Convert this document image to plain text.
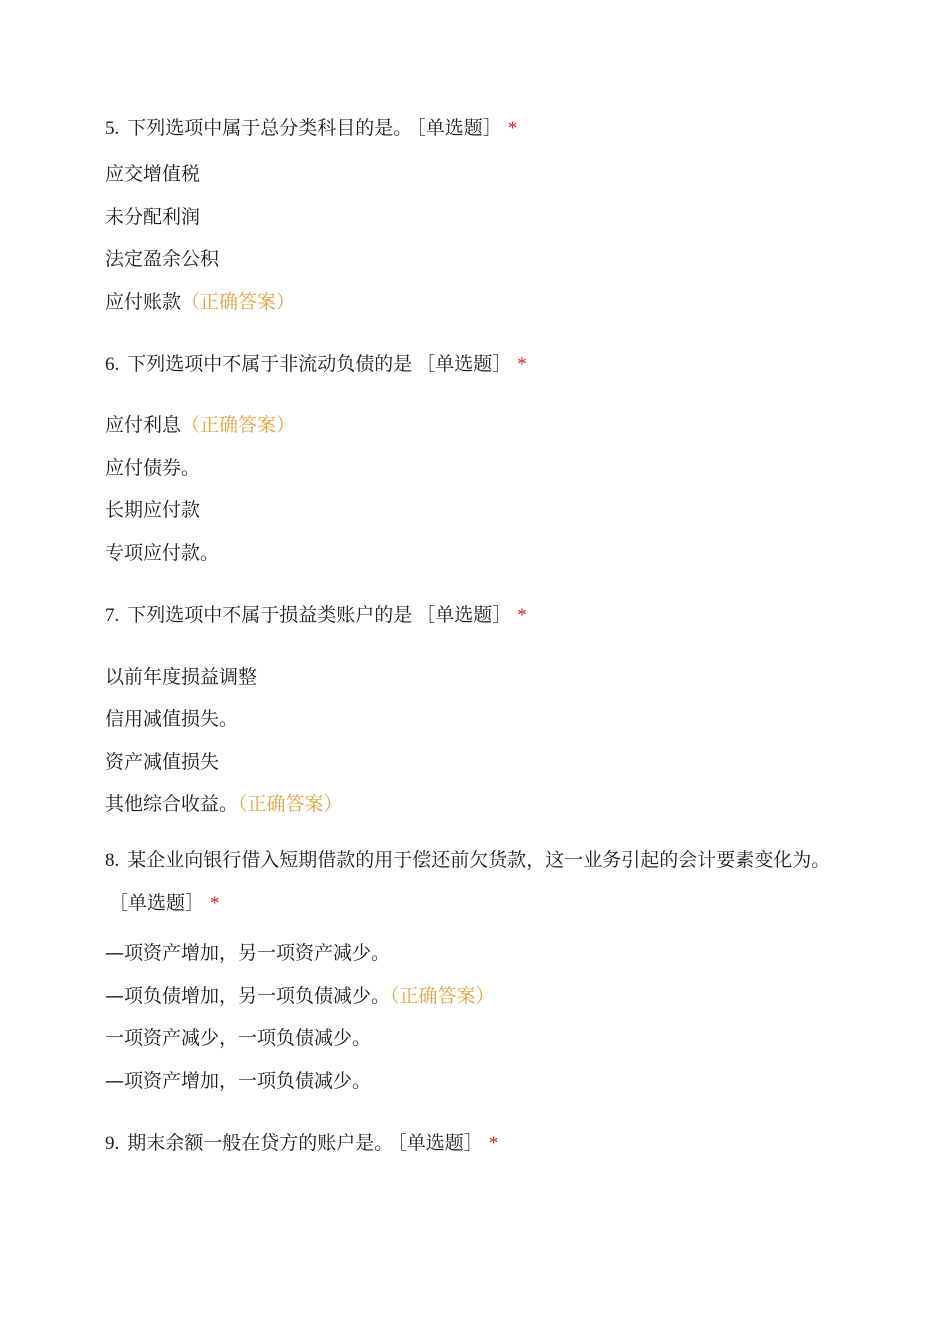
5. 下列选项中属于总分类科目的是。 ［单选题］ *
应交增值税
未分配利润
法定盈余公积
应付账款（正确答案）
6. 下列选项中不属于非流动负债的是 ［单选题］ *
应付利息（正确答案）
应付债券。
长期应付款
专项应付款。
7. 下列选项中不属于损益类账户的是 ［单选题］ *
以前年度损益调整
信用减值损失。
资产减值损失
其他综合收益。（正确答案）
8. 某企业向银行借入短期借款的用于偿还前欠货款，这一业务引起的会计要素变化为。［单选题］ *
—项资产增加，另一项资产减少。
—项负债增加，另一项负债减少。（正确答案）
一项资产减少，一项负债减少。
—项资产增加，一项负债减少。
9. 期末余额一般在贷方的账户是。 ［单选题］ *
